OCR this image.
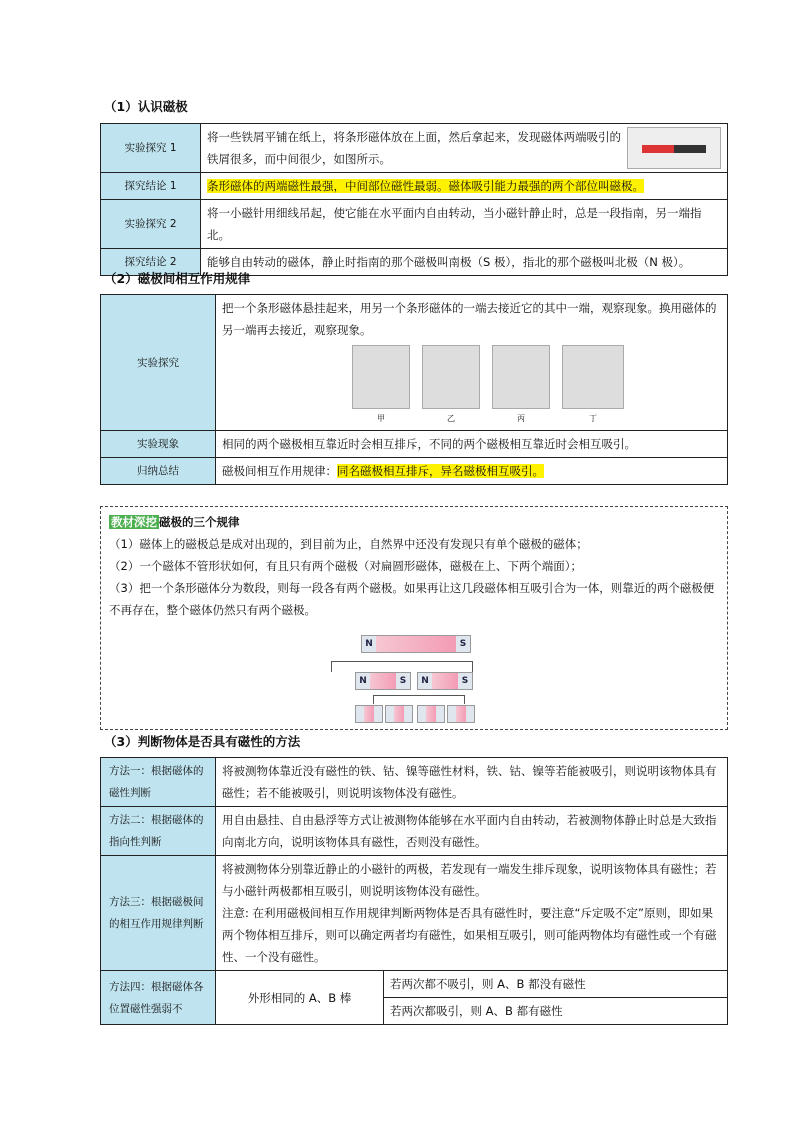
（1）认识磁极
实验探究 1	将一些铁屑平铺在纸上，将条形磁体放在上面，然后拿起来，发现磁体两端吸引的铁屑很多，而中间很少，如图所示。

探究结论 1	条形磁体的两端磁性最强，中间部位磁性最弱。磁体吸引能力最强的两个部位叫磁极。
实验探究 2	将一小磁针用细线吊起，使它能在水平面内自由转动，当小磁针静止时，总是一段指南，另一端指北。
探究结论 2	能够自由转动的磁体，静止时指南的那个磁极叫南极（S 极），指北的那个磁极叫北极（N 极）。
（2）磁极间相互作用规律
实验探究	把一个条形磁体悬挂起来，用另一个条形磁体的一端去接近它的其中一端，观察现象。换用磁体的另一端再去接近，观察现象。
甲 乙 丙 丁

实验现象	相同的两个磁极相互靠近时会相互排斥，不同的两个磁极相互靠近时会相互吸引。
归纳总结	磁极间相互作用规律：同名磁极相互排斥，异名磁极相互吸引。

教材深挖 磁极的三个规律

（1）磁体上的磁极总是成对出现的，到目前为止，自然界中还没有发现只有单个磁极的磁体；

（2）一个磁体不管形状如何，有且只有两个磁极（对扁圆形磁体，磁极在上、下两个端面）；

（3）把一个条形磁体分为数段，则每一段各有两个磁极。如果再让这几段磁体相互吸引合为一体，则靠近的两个磁极便不再存在，整个磁体仍然只有两个磁极。

N	S
N	S	N	S
（3）判断物体是否具有磁性的方法
方法一：根据磁体的磁性判断	将被测物体靠近没有磁性的铁、钴、镍等磁性材料，铁、钴、镍等若能被吸引，则说明该物体具有磁性；若不能被吸引，则说明该物体没有磁性。	
方法二：根据磁体的指向性判断	用自由悬挂、自由悬浮等方式让被测物体能够在水平面内自由转动，若被测物体静止时总是大致指向南北方向，说明该物体具有磁性，否则没有磁性。	
方法三：根据磁极间的相互作用规律判断	将被测物体分别靠近静止的小磁针的两极，若发现有一端发生排斥现象，说明该物体具有磁性；若与小磁针两极都相互吸引，则说明该物体没有磁性。
注意: 在利用磁极间相互作用规律判断两物体是否具有磁性时，要注意“斥定吸不定”原则，即如果两个物体相互排斥，则可以确定两者均有磁性，如果相互吸引，则可能两物体均有磁性或一个有磁性、一个没有磁性。	

方法四：根据磁体各位置磁性强弱不	外形相同的 A、B 棒	若两次都不吸引，则 A、B 都没有磁性
		若两次都吸引，则 A、B 都有磁性
